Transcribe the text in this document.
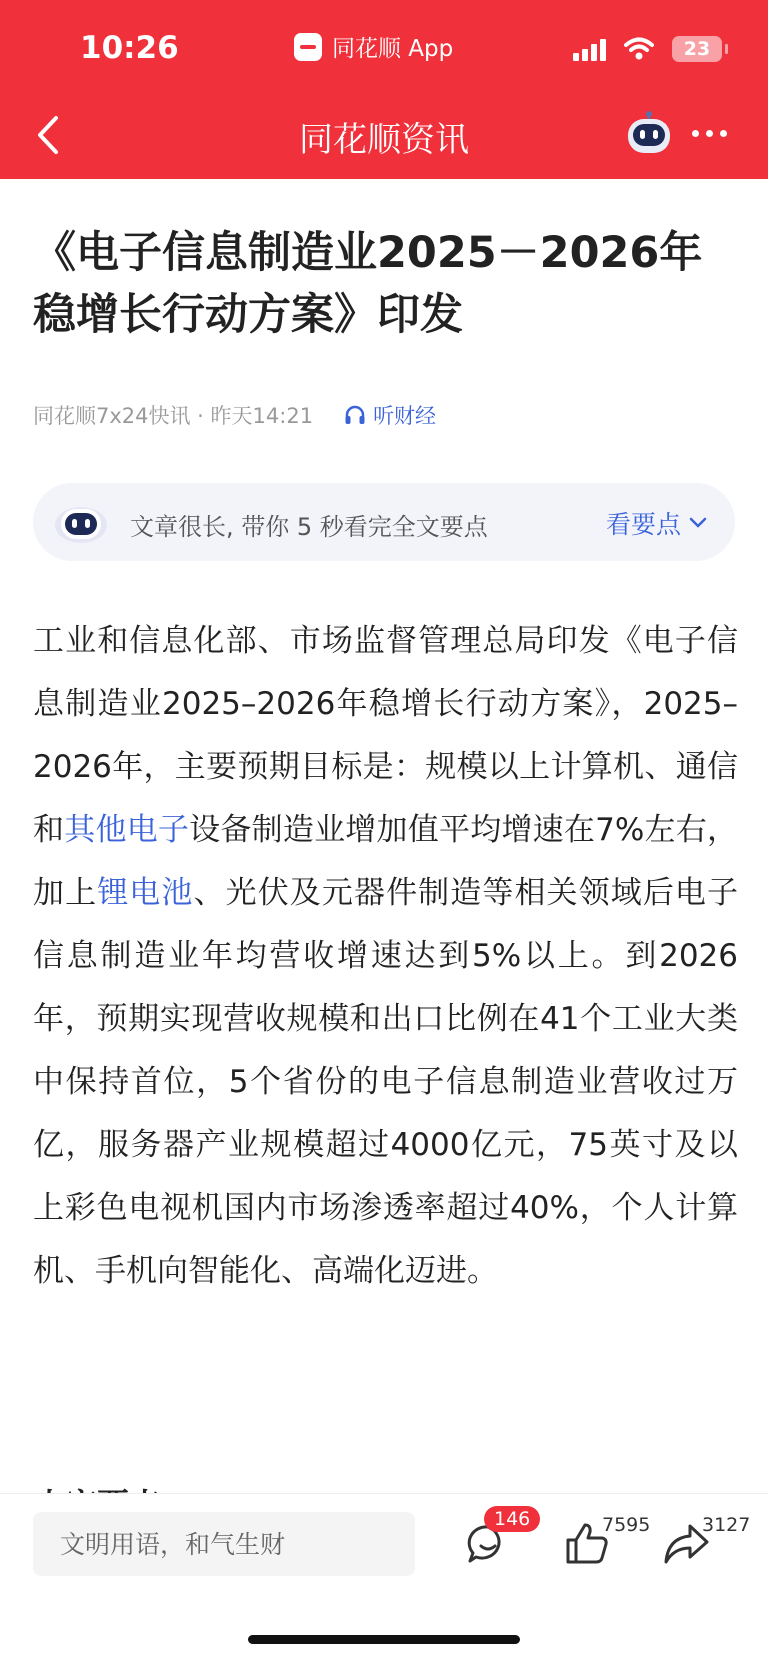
10:26	同花顺 App	23
同花顺资讯
《电子信息制造业2025－2026年稳增长行动方案》印发
同花顺7x24快讯 · 昨天14:21	听财经
文章很长, 带你 5 秒看完全文要点	看要点

工业和信息化部、市场监督管理总局印发《电子信息制造业2025–2026年稳增长行动方案》，2025–2026年，主要预期目标是：规模以上计算机、通信和其他电子设备制造业增加值平均增速在7%左右，加上锂电池、光伏及元器件制造等相关领域后电子信息制造业年均营收增速达到5%以上。到2026年，预期实现营收规模和出口比例在41个工业大类中保持首位，5个省份的电子信息制造业营收过万亿，服务器产业规模超过4000亿元，75英寸及以上彩色电视机国内市场渗透率超过40%，个人计算机、手机向智能化、高端化迈进。

文明用语，和气生财
146	7595	3127
